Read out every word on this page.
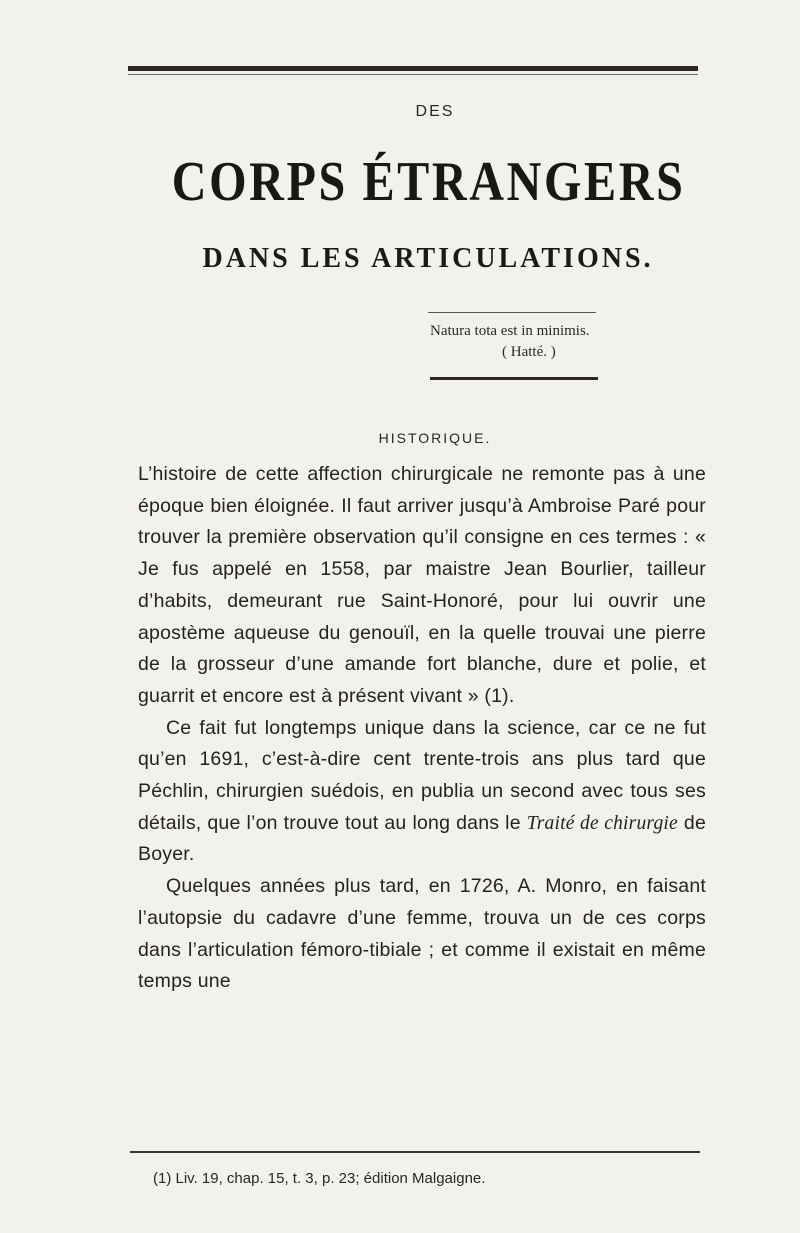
DES
CORPS ÉTRANGERS
DANS LES ARTICULATIONS.
Natura tota est in minimis.
( Hatté. )
HISTORIQUE.

L’histoire de cette affection chirurgicale ne remonte pas à une époque bien éloignée. Il faut arriver jusqu’à Ambroise Paré pour trouver la première observation qu’il consigne en ces termes : « Je fus appelé en 1558, par maistre Jean Bourlier, tailleur d’habits, demeurant rue Saint-Honoré, pour lui ouvrir une apostème aqueuse du genouïl, en la quelle trouvai une pierre de la grosseur d’une amande fort blanche, dure et polie, et guarrit et encore est à présent vivant » (1).

Ce fait fut longtemps unique dans la science, car ce ne fut qu’en 1691, c’est-à-dire cent trente-trois ans plus tard que Péchlin, chirurgien suédois, en publia un second avec tous ses détails, que l’on trouve tout au long dans le Traité de chirurgie de Boyer.

Quelques années plus tard, en 1726, A. Monro, en faisant l’autopsie du cadavre d’une femme, trouva un de ces corps dans l’articulation fémoro-tibiale ; et comme il existait en même temps une

(1) Liv. 19, chap. 15, t. 3, p. 23; édition Malgaigne.
